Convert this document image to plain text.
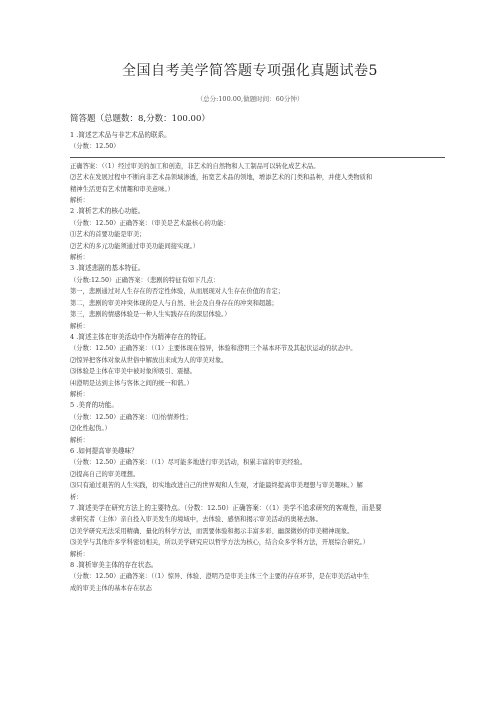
全国自考美学简答题专项强化真题试卷5
（总分:100.00,做题时间：60分钟）
简答题（总题数：8,分数：100.00）
1 .简述艺术品与非艺术品的联系。
（分数：12.50）
正确答案：（（1）经过审美的加工和创造，非艺术的自然物和人工制品可以转化成艺术品。
⑵艺术在发展过程中不断向非艺术品领域渗透，拓宽艺术品的领地，增添艺术的门类和品种，并使人类物质和
精神生活更有艺术情趣和审美意味。）
解析：
2 .简析艺术的核心功能。
（分数：12.50）正确答案：（审美是艺术最核心的功能：
⑴艺术的首要功能是审美；
⑵艺术的多元功能须通过审美功能间接实现。）
解析：
3 .简述悲剧的基本特征。
（分数:12.50）正确答案：（悲剧的特征有如下几点：
第一，悲剧通过对人生存在的否定性体验，从而展现对人生存在价值的肯定；
第二，悲剧的审美冲突体现的是人与自然、社会及自身存在的冲突和超越；
第三，悲剧的情感体验是一种人生实践存在的深层体验。）
解析：
4 .简述主体在审美活动中作为精神存在的特征。
（分数：12.50）正确答案：（（1）主要体现在惊异，体验和澄明三个基本环节及其起伏运动的状态中。
⑵惊异把客体对象从世俗中解放出来成为人的审美对象。
⑶体验是主体在审美中被对象所吸引、震撼。
⑷澄明是达到主体与客体之间的统一和谐。）
解析：
5 .美育的功能。
（分数：12.50）正确答案：（⑴怡情养性；
⑵化性起伪。）
解析：
6 .如何提高审美趣味？
（分数：12.50）正确答案：（（1）尽可能多地进行审美活动，积累丰富的审美经验。
⑵提高自己的审美理想。
⑶只有通过艰苦的人生实践，切实地改进自己的世界观和人生观，才能最终提高审美理想与审美趣味。）解
析：
7 .简述美学在研究方法上的主要特点。（分数：12.50）正确答案：（（1）美学不追求研究的客观性，而是要
求研究者（主体）亲自投入审美发生的境域中，去体验、感悟和揭示审美活动的奥秘去脉。
⑵美学研究无法采用精确、量化的科学方法，而需要体验和揭示丰富多彩、幽深微妙的审美精神现象。
⑶美学与其他许多学科密切相关，所以美学研究应以哲学方法为核心，结合众多学科方法，开展综合研究。）
解析：
8 .简析审美主体的存在状态。
（分数：12.50）正确答案：（（1）惊异、体验、澄明乃是审美主体三个主要的存在环节，是在审美活动中生
成的审美主体的基本存在状态
